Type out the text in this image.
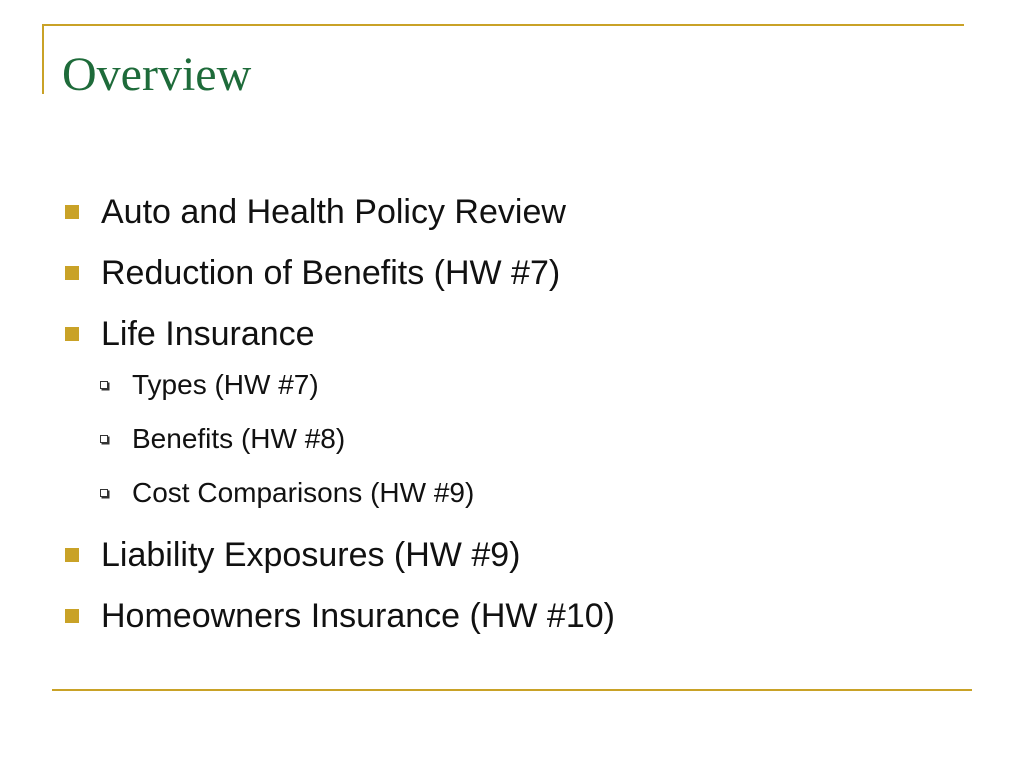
Overview
Auto and Health Policy Review
Reduction of Benefits (HW #7)
Life Insurance
Types (HW #7)
Benefits (HW #8)
Cost Comparisons (HW #9)
Liability Exposures (HW #9)
Homeowners Insurance (HW #10)
